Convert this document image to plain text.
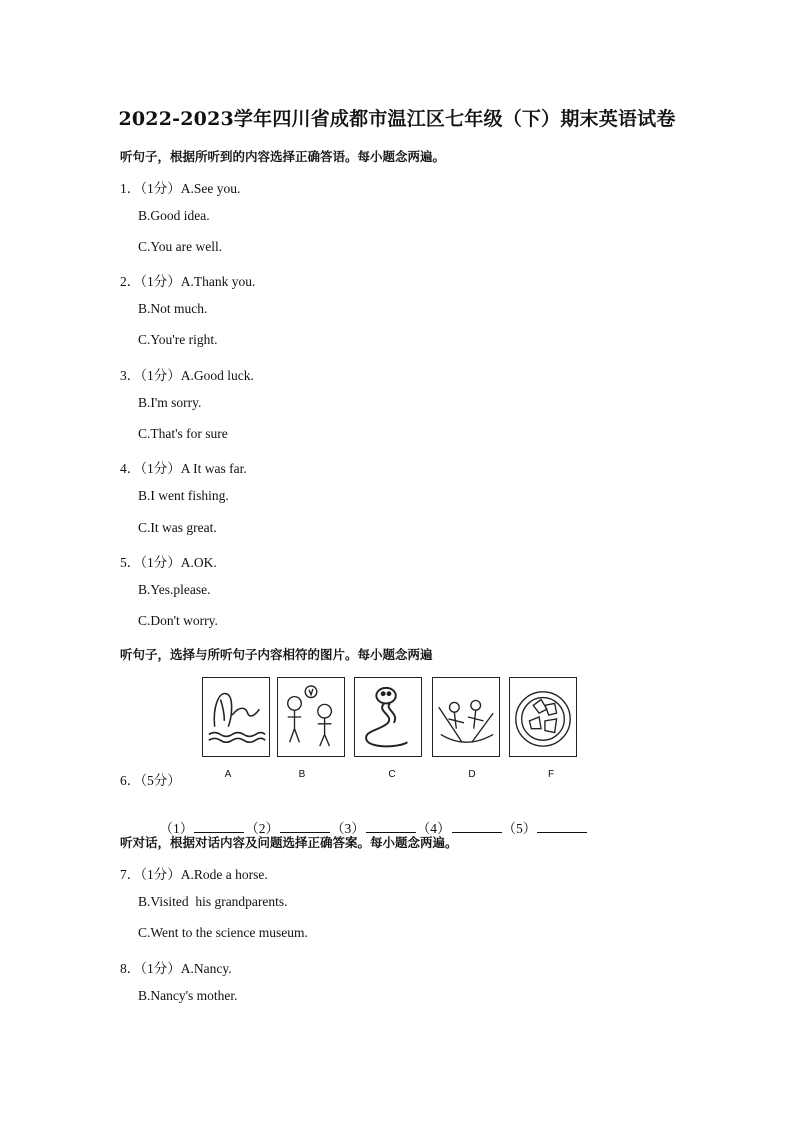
2022-2023学年四川省成都市温江区七年级（下）期末英语试卷
听句子，根据所听到的内容选择正确答语。每小题念两遍。
1．（1分）A.See you.
B.Good idea.
C.You are well.
2．（1分）A.Thank you.
B.Not much.
C.You're right.
3．（1分）A.Good luck.
B.I'm sorry.
C.That's for sure
4．（1分）A It was far.
B.I went fishing.
C.It was great.
5．（1分）A.OK.
B.Yes.please.
C.Don't worry.
听句子，选择与所听句子内容相符的图片。每小题念两遍
A	B	C	D	F
6．（5分）

（1）	（2）	（3）	（4）	（5）

听对话，根据对话内容及问题选择正确答案。每小题念两遍。
7．（1分）A.Rode a horse.
B.Visited  his grandparents.
C.Went to the science museum.
8．（1分）A.Nancy.
B.Nancy's mother.
